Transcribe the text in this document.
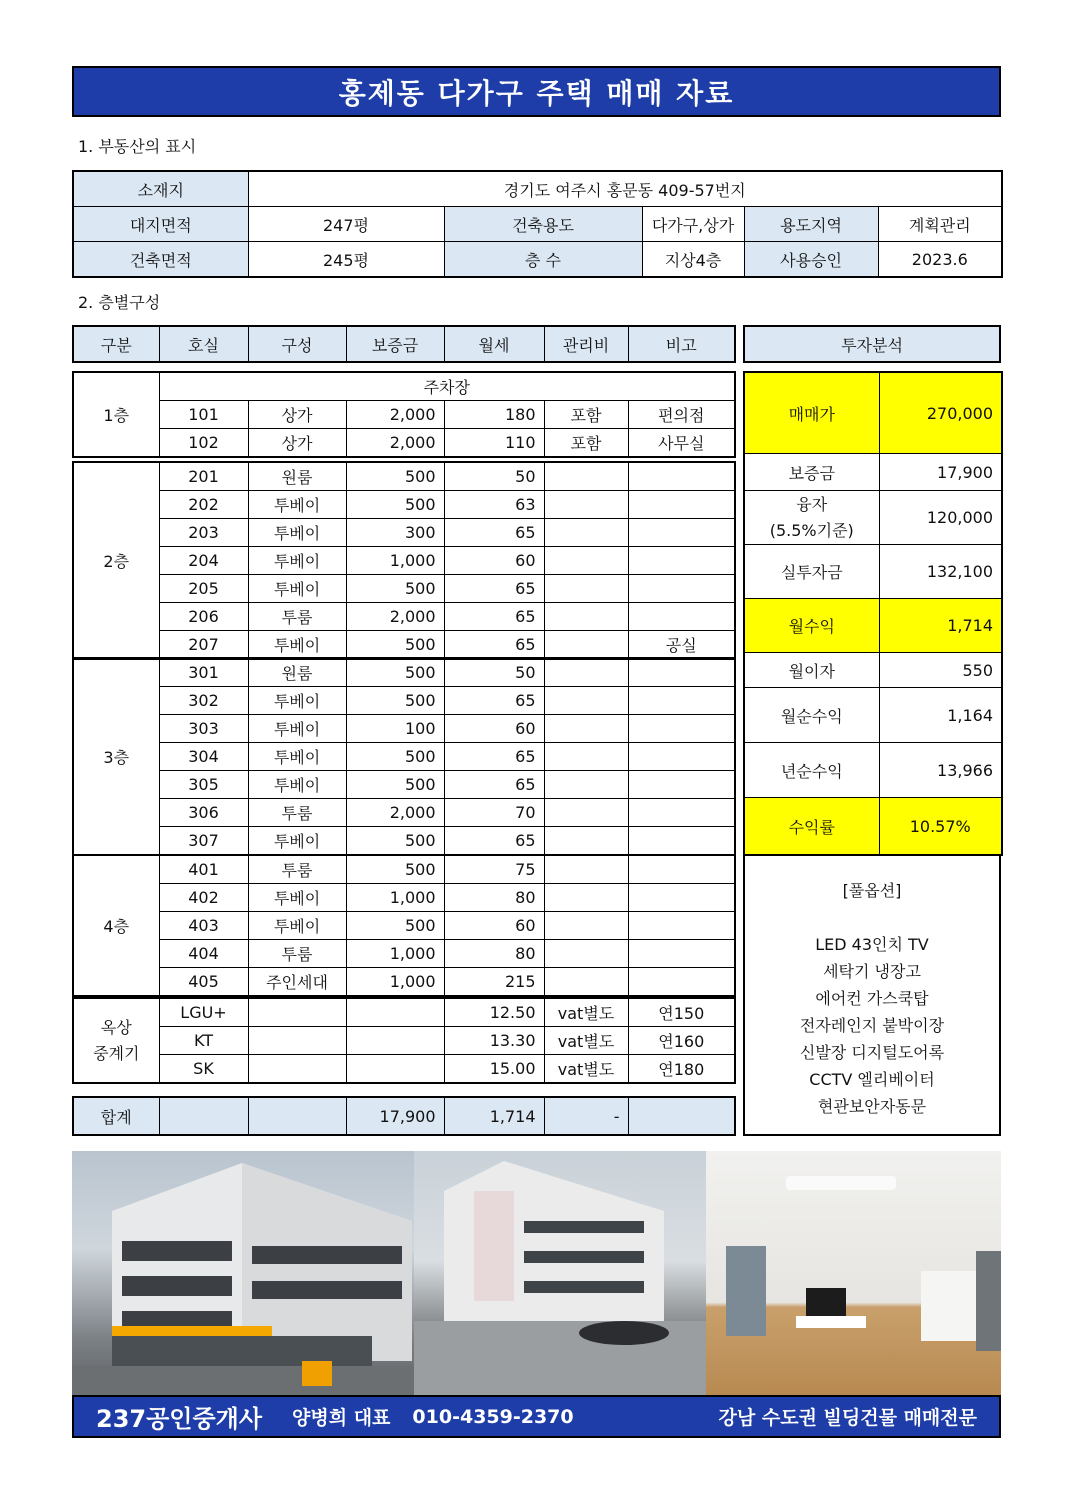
홍제동 다가구 주택 매매 자료
1. 부동산의 표시
소재지	경기도 여주시 홍문동 409-57번지				
대지면적	247평	건축용도	다가구,상가	용도지역	계획관리
건축면적	245평	층 수	지상4층	사용승인	2023.6
2. 층별구성
구분	호실	구성	보증금	월세	관리비	비고	투자분석
1층	주차장					
	101	상가	2,000	180	포함	편의점
	102	상가	2,000	110	포함	사무실
2층	201	원룸	500	50		
	202	투베이	500	63		
	203	투베이	300	65		
	204	투베이	1,000	60		
	205	투베이	500	65		
	206	투룸	2,000	65		
	207	투베이	500	65		공실
3층	301	원룸	500	50		
	302	투베이	500	65		
	303	투베이	100	60		
	304	투베이	500	65		
	305	투베이	500	65		
	306	투룸	2,000	70		
	307	투베이	500	65		
4층	401	투룸	500	75		
	402	투베이	1,000	80		
	403	투베이	500	60		
	404	투룸	1,000	80		
	405	주인세대	1,000	215		
옥상
중계기	LGU+			12.50	vat별도	연150
	KT			13.30	vat별도	연160
	SK			15.00	vat별도	연180
합계			17,900	1,714	-	
매매가	270,000
보증금	17,900
융자
(5.5%기준)	120,000
실투자금	132,100
월수익	1,714
월이자	550
월순수익	1,164
년순수익	13,966
수익률	10.57%
[풀옵션]
LED 43인치 TV
세탁기 냉장고
에어컨 가스쿡탑
전자레인지 붙박이장
신발장 디지털도어록
CCTV 엘리베이터
현관보안자동문
237공인중개사 양병희 대표 010-4359-2370	강남 수도권 빌딩건물 매매전문
